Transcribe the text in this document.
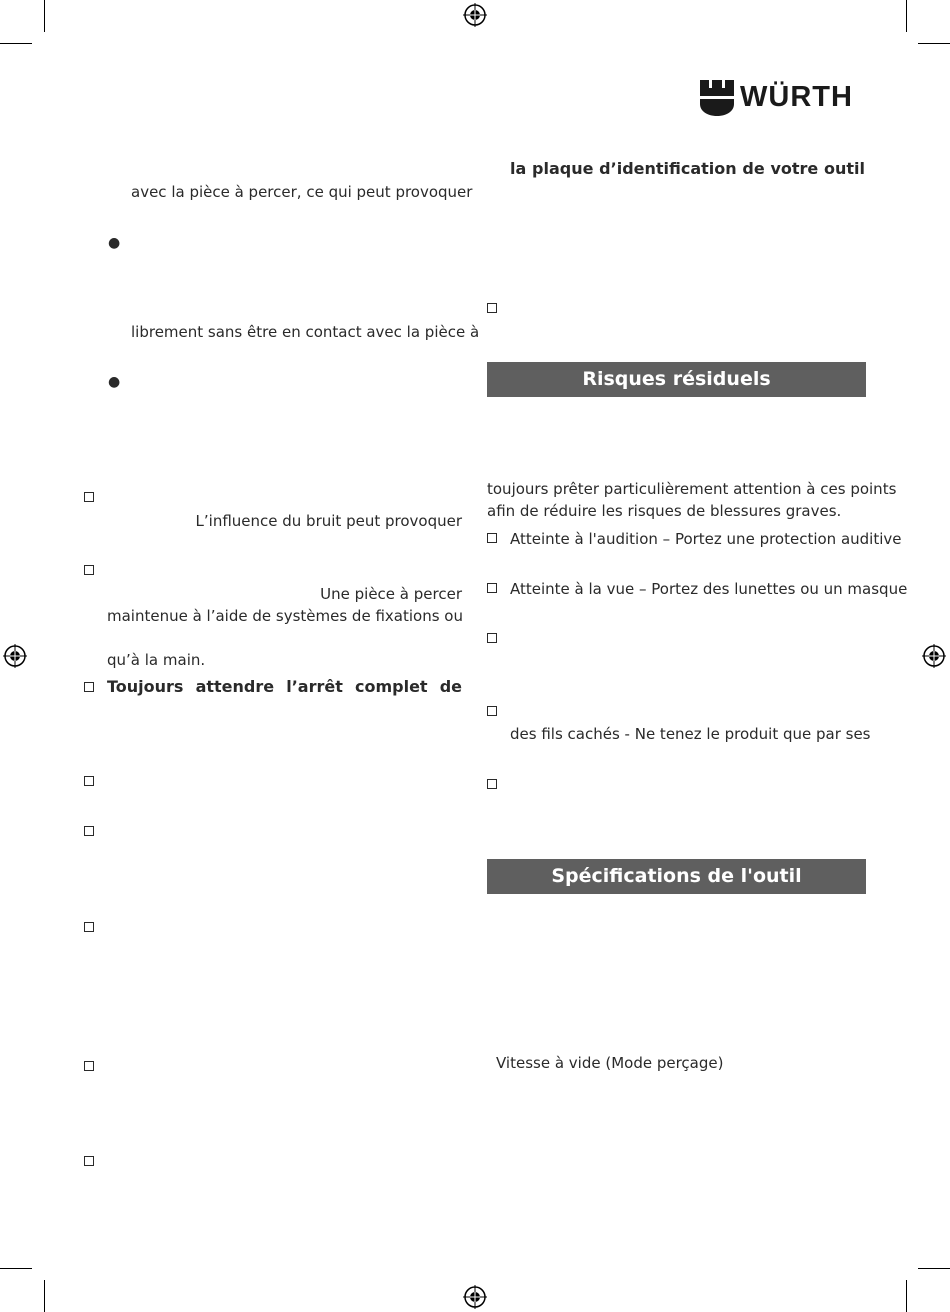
WÜRTH
avec la pièce à percer, ce qui peut provoquer
●
librement sans être en contact avec la pièce à
●
L’influence du bruit peut provoquer
Une pièce à percer
maintenue à l’aide de systèmes de fixations ou
qu’à la main.
Toujours attendre l’arrêt complet de
la plaque d’identification de votre outil
Risques résiduels
toujours prêter particulièrement attention à ces points
afin de réduire les risques de blessures graves.
Atteinte à l'audition – Portez une protection auditive
Atteinte à la vue – Portez des lunettes ou un masque
des fils cachés - Ne tenez le produit que par ses
Spécifications de l'outil
Vitesse à vide (Mode perçage)
